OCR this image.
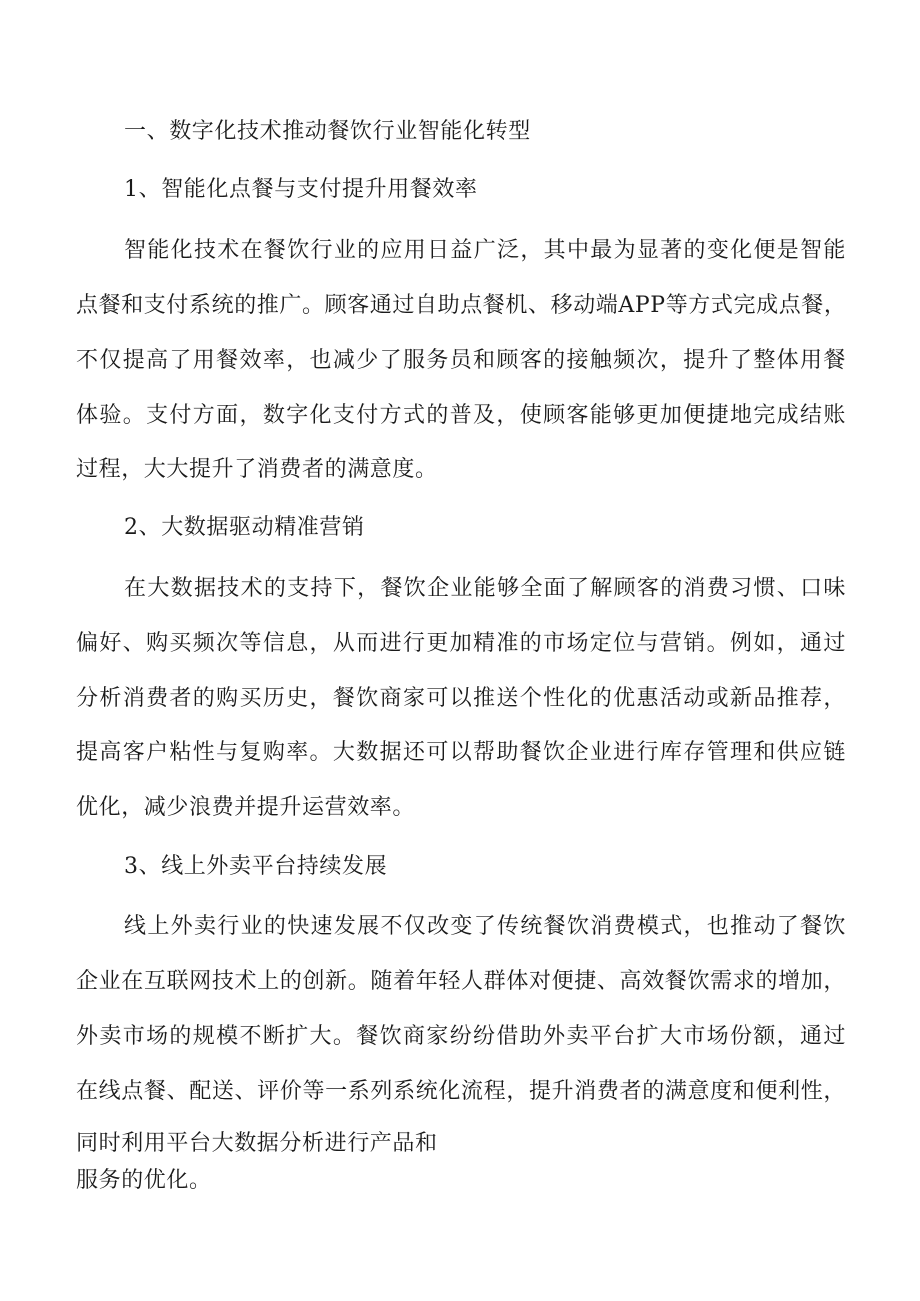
一、数字化技术推动餐饮行业智能化转型
1、智能化点餐与支付提升用餐效率
智能化技术在餐饮行业的应用日益广泛，其中最为显著的变化便是智能
点餐和支付系统的推广。顾客通过自助点餐机、移动端APP等方式完成点餐，
不仅提高了用餐效率，也减少了服务员和顾客的接触频次，提升了整体用餐
体验。支付方面，数字化支付方式的普及，使顾客能够更加便捷地完成结账
过程，大大提升了消费者的满意度。
2、大数据驱动精准营销
在大数据技术的支持下，餐饮企业能够全面了解顾客的消费习惯、口味
偏好、购买频次等信息，从而进行更加精准的市场定位与营销。例如，通过
分析消费者的购买历史，餐饮商家可以推送个性化的优惠活动或新品推荐，
提高客户粘性与复购率。大数据还可以帮助餐饮企业进行库存管理和供应链
优化，减少浪费并提升运营效率。
3、线上外卖平台持续发展
线上外卖行业的快速发展不仅改变了传统餐饮消费模式，也推动了餐饮
企业在互联网技术上的创新。随着年轻人群体对便捷、高效餐饮需求的增加，
外卖市场的规模不断扩大。餐饮商家纷纷借助外卖平台扩大市场份额，通过
在线点餐、配送、评价等一系列系统化流程，提升消费者的满意度和便利性，
同时利用平台大数据分析进行产品和
服务的优化。
